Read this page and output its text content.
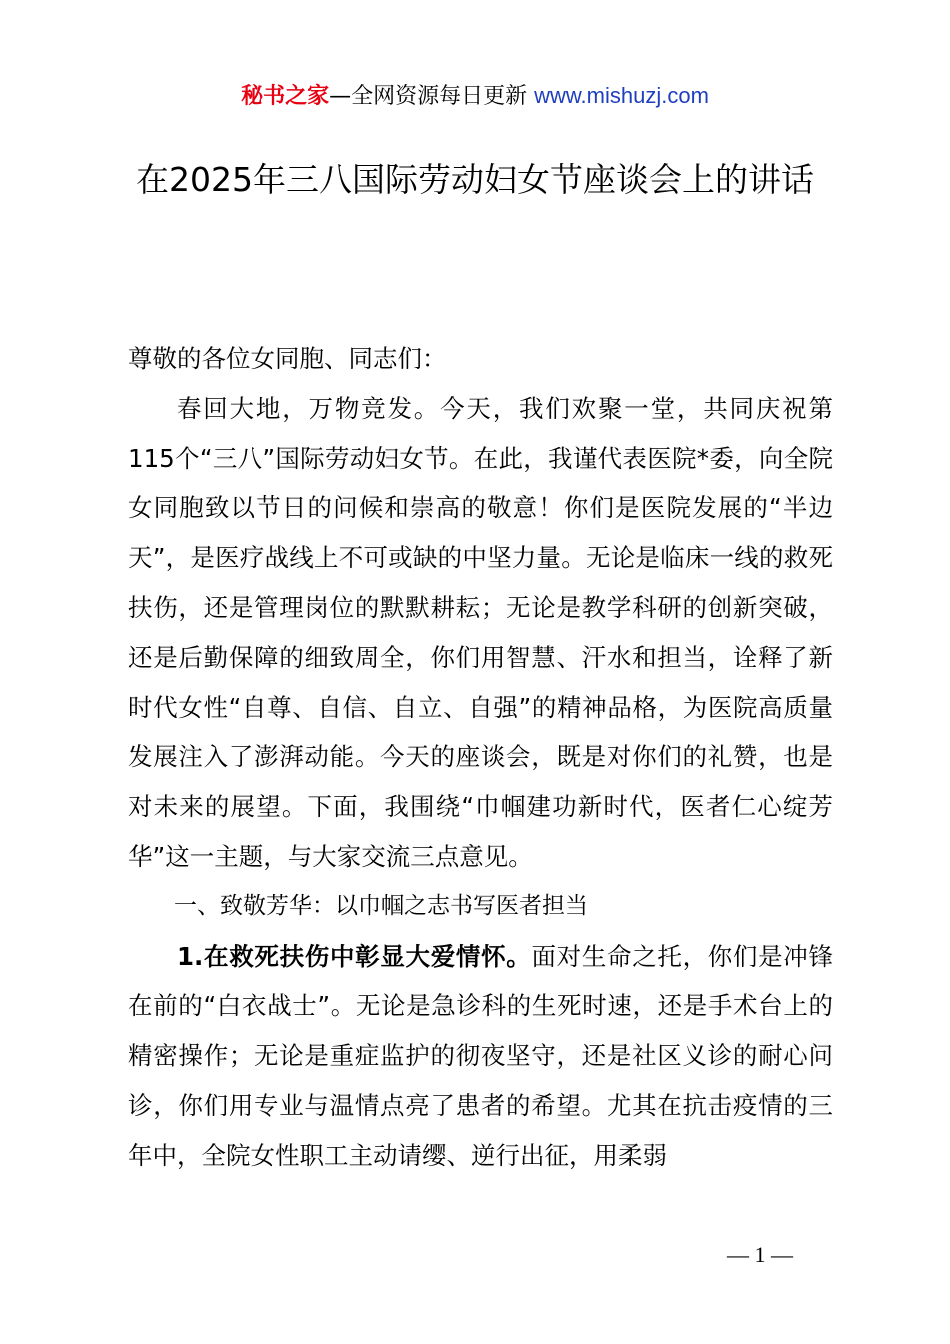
秘书之家—全网资源每日更新 www.mishuzj.com
在2025年三八国际劳动妇女节座谈会上的讲话

尊敬的各位女同胞、同志们：

春回大地，万物竞发。今天，我们欢聚一堂，共同庆祝第115个“三八”国际劳动妇女节。在此，我谨代表医院*委，向全院女同胞致以节日的问候和崇高的敬意！你们是医院发展的“半边天”，是医疗战线上不可或缺的中坚力量。无论是临床一线的救死扶伤，还是管理岗位的默默耕耘；无论是教学科研的创新突破，还是后勤保障的细致周全，你们用智慧、汗水和担当，诠释了新时代女性“自尊、自信、自立、自强”的精神品格，为医院高质量发展注入了澎湃动能。今天的座谈会，既是对你们的礼赞，也是对未来的展望。下面，我围绕“巾帼建功新时代，医者仁心绽芳华”这一主题，与大家交流三点意见。

一、致敬芳华：以巾帼之志书写医者担当

1.在救死扶伤中彰显大爱情怀。面对生命之托，你们是冲锋在前的“白衣战士”。无论是急诊科的生死时速，还是手术台上的精密操作；无论是重症监护的彻夜坚守，还是社区义诊的耐心问诊，你们用专业与温情点亮了患者的希望。尤其在抗击疫情的三年中，全院女性职工主动请缨、逆行出征，用柔弱

— 1 —
